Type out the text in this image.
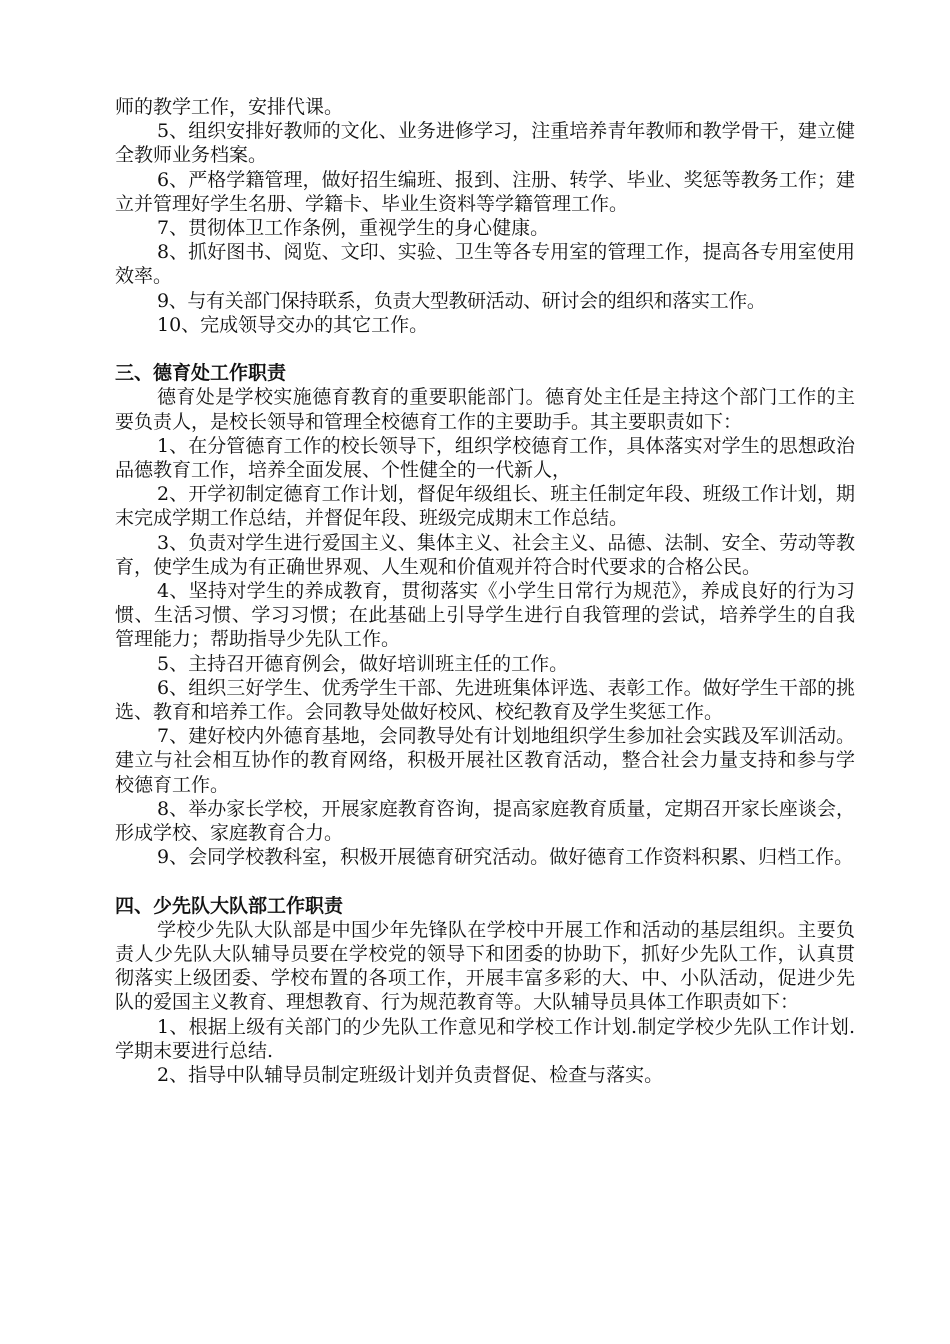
师的教学工作，安排代课。

5、组织安排好教师的文化、业务进修学习，注重培养青年教师和教学骨干，建立健全教师业务档案。

6、严格学籍管理，做好招生编班、报到、注册、转学、毕业、奖惩等教务工作；建立并管理好学生名册、学籍卡、毕业生资料等学籍管理工作。

7、贯彻体卫工作条例，重视学生的身心健康。

8、抓好图书、阅览、文印、实验、卫生等各专用室的管理工作，提高各专用室使用效率。

9、与有关部门保持联系，负责大型教研活动、研讨会的组织和落实工作。

10、完成领导交办的其它工作。

三、德育处工作职责

德育处是学校实施德育教育的重要职能部门。德育处主任是主持这个部门工作的主要负责人，是校长领导和管理全校德育工作的主要助手。其主要职责如下：

1、在分管德育工作的校长领导下，组织学校德育工作，具体落实对学生的思想政治品德教育工作，培养全面发展、个性健全的一代新人，

2、开学初制定德育工作计划，督促年级组长、班主任制定年段、班级工作计划，期末完成学期工作总结，并督促年段、班级完成期末工作总结。

3、负责对学生进行爱国主义、集体主义、社会主义、品德、法制、安全、劳动等教育，使学生成为有正确世界观、人生观和价值观并符合时代要求的合格公民。

4、坚持对学生的养成教育，贯彻落实《小学生日常行为规范》，养成良好的行为习惯、生活习惯、学习习惯；在此基础上引导学生进行自我管理的尝试，培养学生的自我管理能力；帮助指导少先队工作。

5、主持召开德育例会，做好培训班主任的工作。

6、组织三好学生、优秀学生干部、先进班集体评选、表彰工作。做好学生干部的挑选、教育和培养工作。会同教导处做好校风、校纪教育及学生奖惩工作。

7、建好校内外德育基地，会同教导处有计划地组织学生参加社会实践及军训活动。建立与社会相互协作的教育网络，积极开展社区教育活动，整合社会力量支持和参与学校德育工作。

8、举办家长学校，开展家庭教育咨询，提高家庭教育质量，定期召开家长座谈会，形成学校、家庭教育合力。

9、会同学校教科室，积极开展德育研究活动。做好德育工作资料积累、归档工作。

四、少先队大队部工作职责

学校少先队大队部是中国少年先锋队在学校中开展工作和活动的基层组织。主要负责人少先队大队辅导员要在学校党的领导下和团委的协助下，抓好少先队工作，认真贯彻落实上级团委、学校布置的各项工作，开展丰富多彩的大、中、小队活动，促进少先队的爱国主义教育、理想教育、行为规范教育等。大队辅导员具体工作职责如下：

1、根据上级有关部门的少先队工作意见和学校工作计划.制定学校少先队工作计划.学期末要进行总结.

2、指导中队辅导员制定班级计划并负责督促、检查与落实。
